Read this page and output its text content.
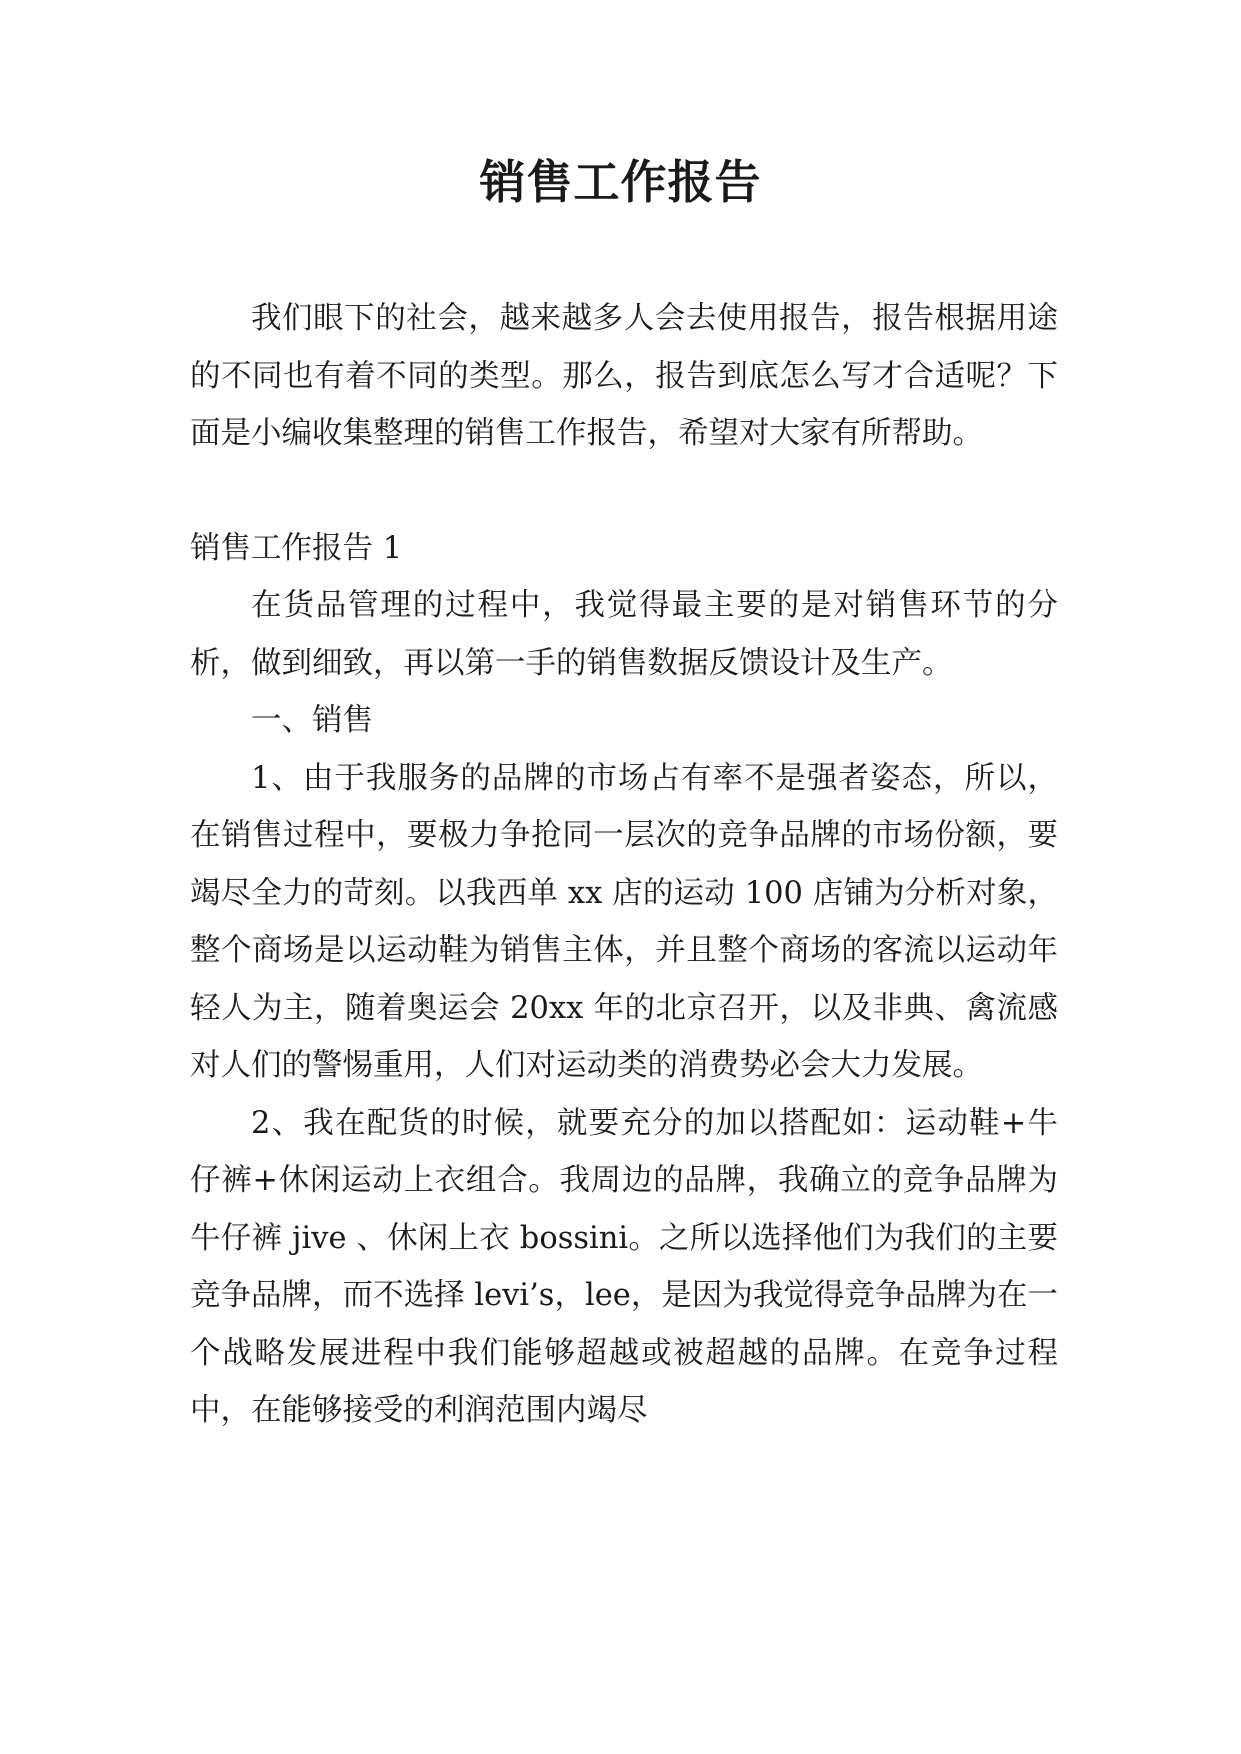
销售工作报告

我们眼下的社会，越来越多人会去使用报告，报告根据用途的不同也有着不同的类型。那么，报告到底怎么写才合适呢？下面是小编收集整理的销售工作报告，希望对大家有所帮助。

销售工作报告 1

在货品管理的过程中，我觉得最主要的是对销售环节的分析，做到细致，再以第一手的销售数据反馈设计及生产。

一、销售

1、由于我服务的品牌的市场占有率不是强者姿态，所以，在销售过程中，要极力争抢同一层次的竞争品牌的市场份额，要竭尽全力的苛刻。以我西单 xx 店的运动 100 店铺为分析对象，整个商场是以运动鞋为销售主体，并且整个商场的客流以运动年轻人为主，随着奥运会 20xx 年的北京召开，以及非典、禽流感对人们的警惕重用，人们对运动类的消费势必会大力发展。

2、我在配货的时候，就要充分的加以搭配如：运动鞋+牛仔裤+休闲运动上衣组合。我周边的品牌，我确立的竞争品牌为牛仔裤 jive 、休闲上衣 bossini。之所以选择他们为我们的主要竞争品牌，而不选择 levi’s，lee，是因为我觉得竞争品牌为在一个战略发展进程中我们能够超越或被超越的品牌。在竞争过程中，在能够接受的利润范围内竭尽
